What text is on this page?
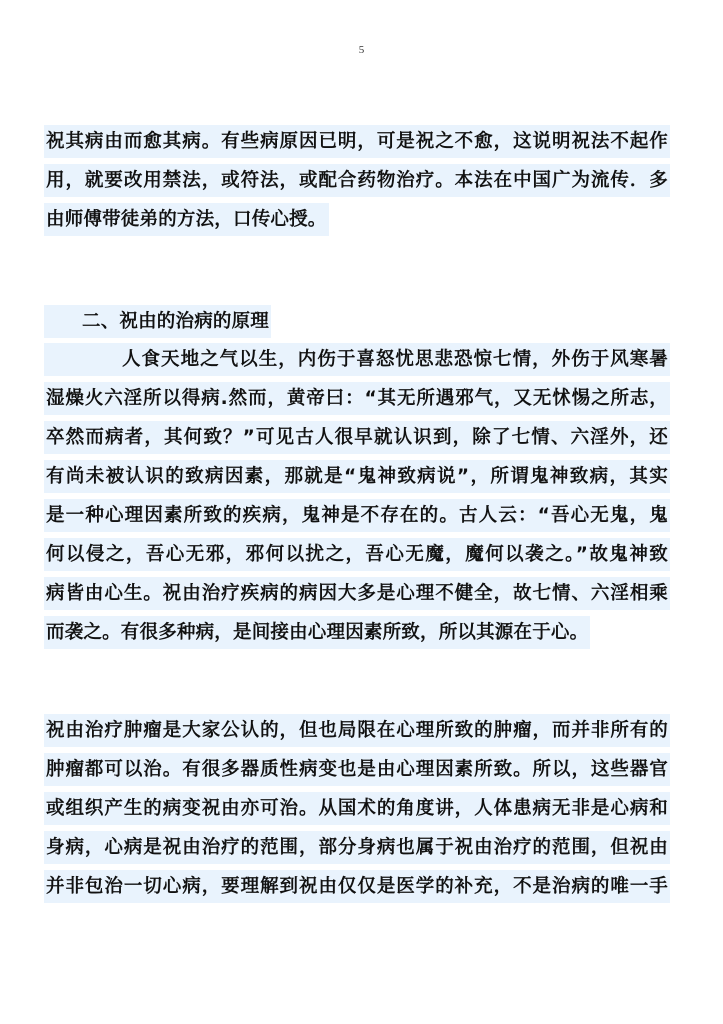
5
祝其病由而愈其病。有些病原因已明，可是祝之不愈，这说明祝法不起作
用，就要改用禁法，或符法，或配合药物治疗。本法在中国广为流传．多
由师傅带徒弟的方法，口传心授。
二、祝由的治病的原理
人食天地之气以生，内伤于喜怒忧思悲恐惊七情，外伤于风寒暑
湿燥火六淫所以得病.然而，黄帝曰：“其无所遇邪气，又无怵惕之所志，
卒然而病者，其何致？”可见古人很早就认识到，除了七情、六淫外，还
有尚未被认识的致病因素，那就是“鬼神致病说”，所谓鬼神致病，其实
是一种心理因素所致的疾病，鬼神是不存在的。古人云：“吾心无鬼，鬼
何以侵之，吾心无邪，邪何以扰之，吾心无魔，魔何以袭之。”故鬼神致
病皆由心生。祝由治疗疾病的病因大多是心理不健全，故七情、六淫相乘
而袭之。有很多种病，是间接由心理因素所致，所以其源在于心。
祝由治疗肿瘤是大家公认的，但也局限在心理所致的肿瘤，而并非所有的
肿瘤都可以治。有很多器质性病变也是由心理因素所致。所以，这些器官
或组织产生的病变祝由亦可治。从国术的角度讲，人体患病无非是心病和
身病，心病是祝由治疗的范围，部分身病也属于祝由治疗的范围，但祝由
并非包治一切心病，要理解到祝由仅仅是医学的补充，不是治病的唯一手
